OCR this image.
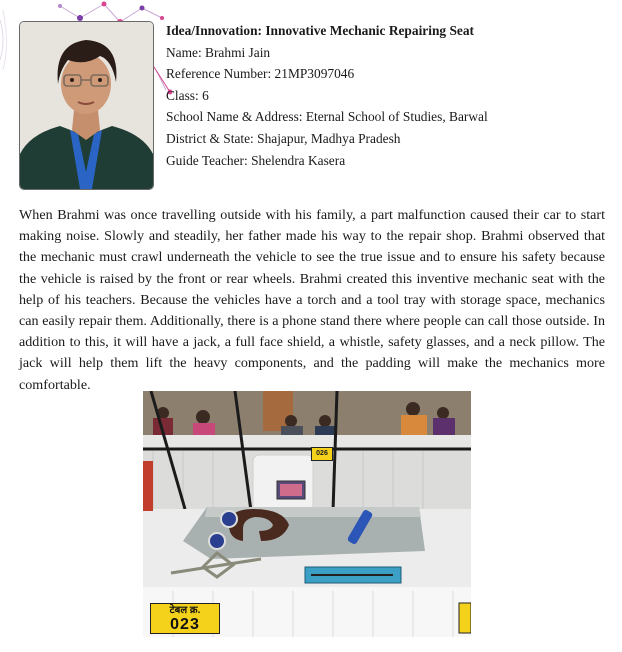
Idea/Innovation: Innovative Mechanic Repairing Seat
Name: Brahmi Jain
Reference Number: 21MP3097046
Class: 6
School Name & Address: Eternal School of Studies, Barwal
District & State: Shajapur, Madhya Pradesh
Guide Teacher: Shelendra Kasera

When Brahmi was once travelling outside with his family, a part malfunction caused their car to start making noise. Slowly and steadily, her father made his way to the repair shop. Brahmi observed that the mechanic must crawl underneath the vehicle to see the true issue and to ensure his safety because the vehicle is raised by the front or rear wheels. Brahmi created this inventive mechanic seat with the help of his teachers. Because the vehicles have a torch and a tool tray with storage space, mechanics can easily repair them. Additionally, there is a phone stand there where people can call those outside. In addition to this, it will have a jack, a full face shield, a whistle, safety glasses, and a neck pillow. The jack will help them lift the heavy components, and the padding will make the mechanics more comfortable.

026
टेबल क्र.
023
